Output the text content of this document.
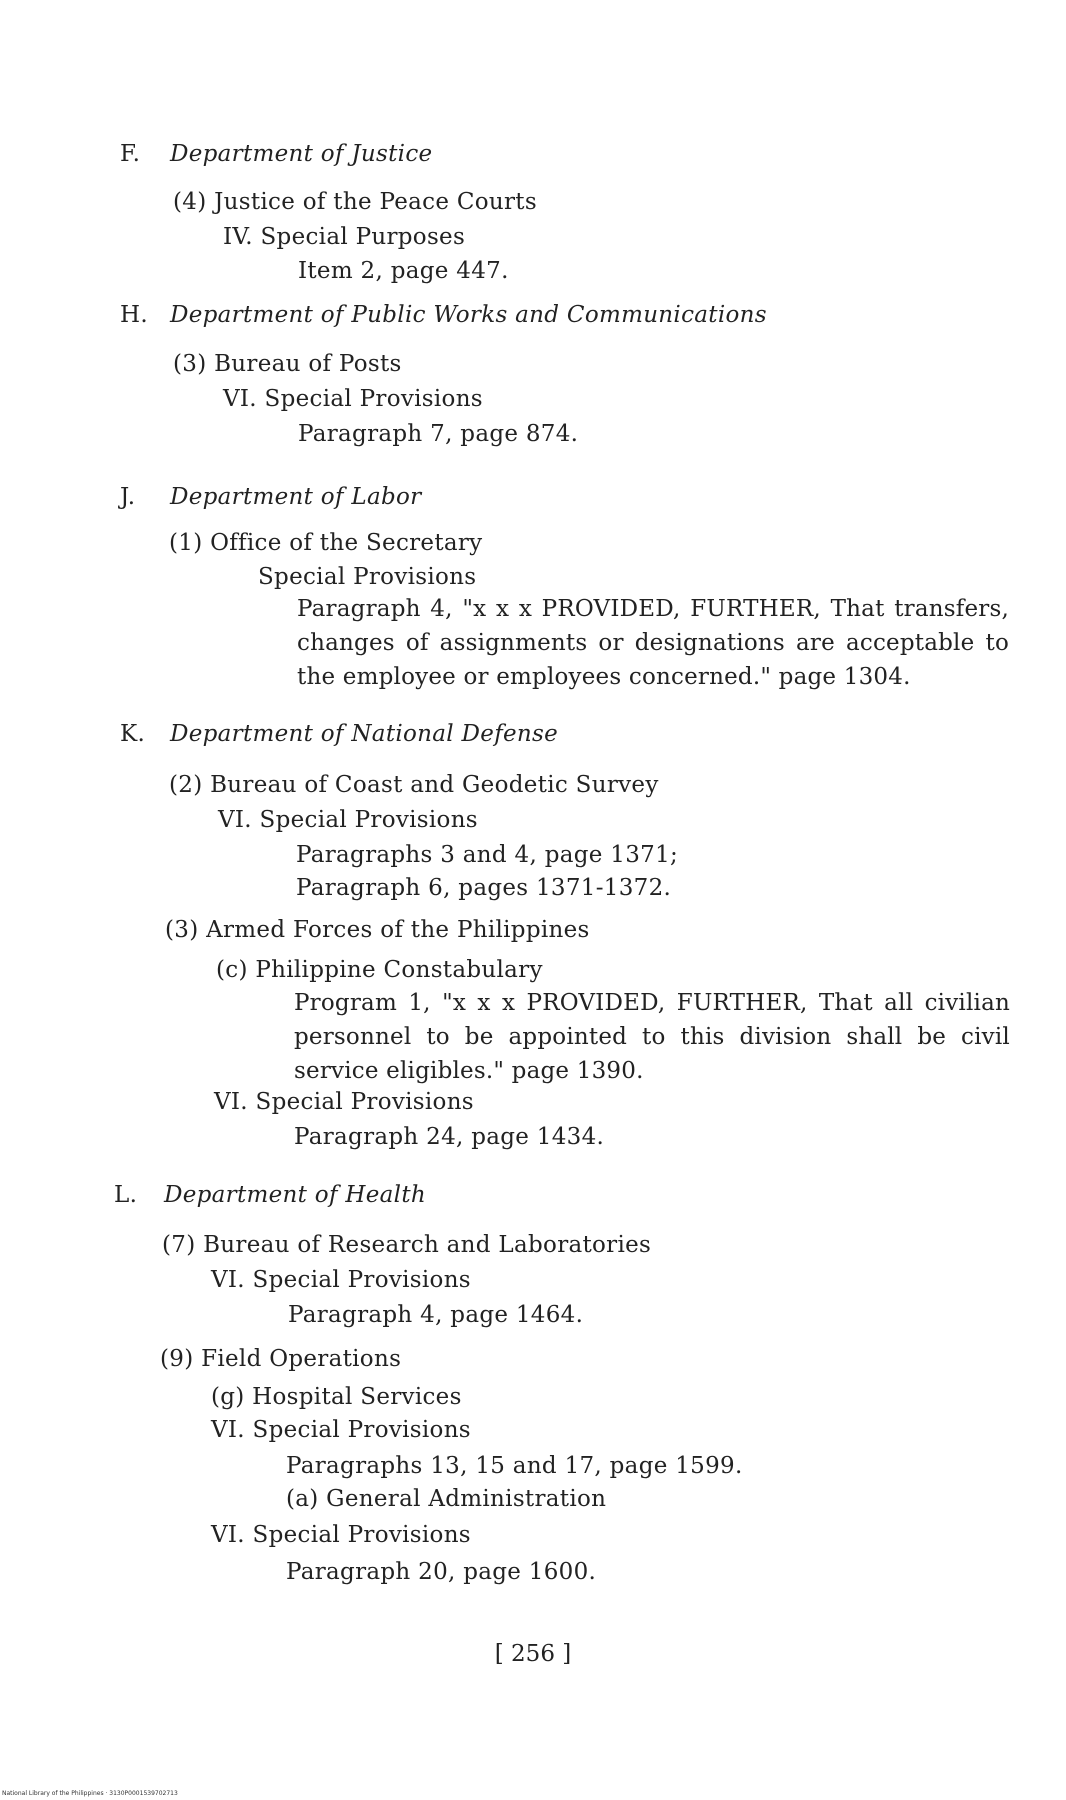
F. Department of Justice
(4) Justice of the Peace Courts
IV. Special Purposes
Item 2, page 447.
H. Department of Public Works and Communications
(3) Bureau of Posts
VI. Special Provisions
Paragraph 7, page 874.
J. Department of Labor
(1) Office of the Secretary
Special Provisions
Paragraph 4, "x x x PROVIDED, FURTHER, That transfers, changes of assignments or designations are acceptable to the employee or employees concerned." page 1304.
K. Department of National Defense
(2) Bureau of Coast and Geodetic Survey
VI. Special Provisions
Paragraphs 3 and 4, page 1371;
Paragraph 6, pages 1371-1372.
(3) Armed Forces of the Philippines
(c) Philippine Constabulary
Program 1, "x x x PROVIDED, FURTHER, That all civilian personnel to be appointed to this division shall be civil service eligibles." page 1390.
VI. Special Provisions
Paragraph 24, page 1434.
L. Department of Health
(7) Bureau of Research and Laboratories
VI. Special Provisions
Paragraph 4, page 1464.
(9) Field Operations
(g) Hospital Services
VI. Special Provisions
Paragraphs 13, 15 and 17, page 1599.
(a) General Administration
VI. Special Provisions
Paragraph 20, page 1600.
[ 256 ]
National Library of the Philippines · 3130P0001539702713
